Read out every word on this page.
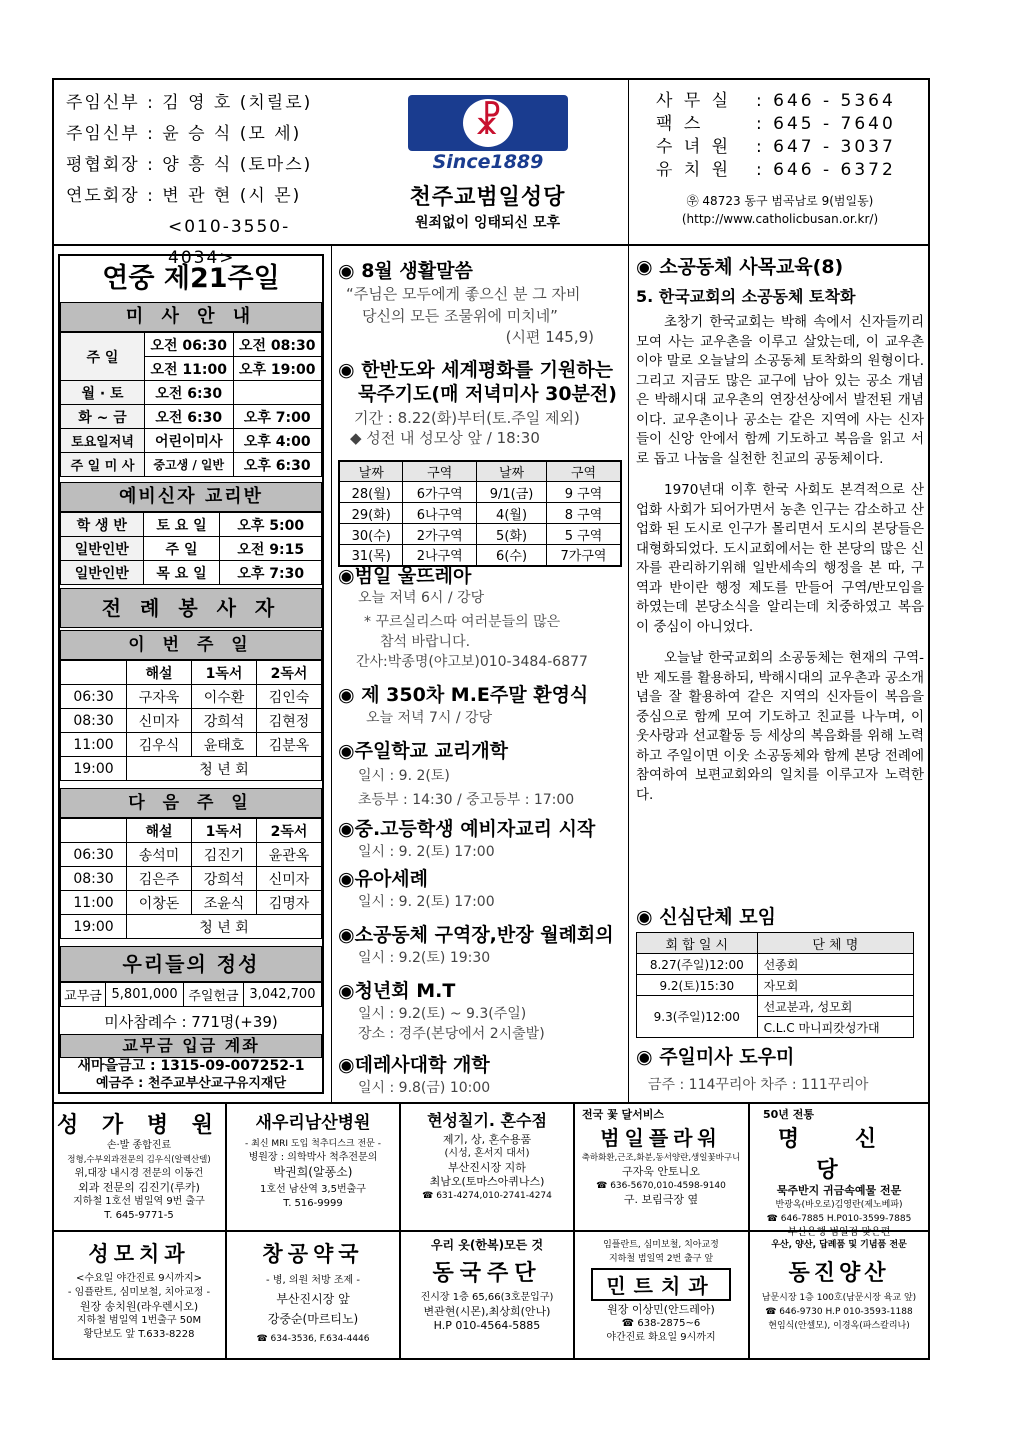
주임신부 : 김 영 호 (치릴로)
주임신부 : 윤 승 식 (모 세)
평협회장 : 양 흥 식 (토마스)
연도회장 : 변 관 현 (시 몬)
<010-3550-4034>
☧
Since1889
천주교범일성당
원죄없이 잉태되신 모후
사 무 실 : 646 - 5364
팩 스	: 645 - 7640
수 녀 원 : 647 - 3037
유 치 원 : 646 - 6372
㉾ 48723 동구 범곡남로 9(범일동)
(http://www.catholicbusan.or.kr/)
연중 제21주일
미 사 안 내
주 일	오전 06:30	오전 08:30
	오전 11:00	오후 19:00
월 · 토	오전 6:30	
화 ~ 금	오전 6:30	오후 7:00
토요일저녁	어린이미사	오후 4:00
주 일 미 사	중고생 / 일반	오후 6:30
예비신자 교리반
학 생 반	토 요 일	오후 5:00
일반인반	주 일	오전 9:15
일반인반	목 요 일	오후 7:30
전 례 봉 사 자
이 번 주 일
	해설	1독서	2독서
06:30	구자욱	이수환	김인숙
08:30	신미자	강희석	김현정
11:00	김우식	윤태호	김분옥
19:00	청 년 회		
다 음 주 일
	해설	1독서	2독서
06:30	송석미	김진기	윤관옥
08:30	김은주	강희석	신미자
11:00	이창돈	조윤식	김명자
19:00	청 년 회		
우리들의 정성
교무금	5,801,000	주일헌금	3,042,700
미사참례수 : 771명(+39)
교무금 입금 계좌
새마을금고 : 1315-09-007252-1
예금주 : 천주교부산교구유지재단
◉ 8월 생활말씀
“주님은 모두에게 좋으신 분 그 자비
당신의 모든 조물위에 미치네”
(시편 145,9)
◉ 한반도와 세계평화를 기원하는
묵주기도(매 저녁미사 30분전)
기간 : 8.22(화)부터(토.주일 제외)
◆ 성전 내 성모상 앞 / 18:30
날짜	구역	날짜	구역
28(월)	6가구역	9/1(금)	9 구역
29(화)	6나구역	4(월)	8 구역
30(수)	2가구역	5(화)	5 구역
31(목)	2나구역	6(수)	7가구역
◉범일 울뜨레아
오늘 저녁 6시 / 강당
* 꾸르실리스따 여러분들의 많은
참석 바랍니다.
간사:박종명(야고보)010-3484-6877
◉ 제 350차 M.E주말 환영식
오늘 저녁 7시 / 강당
◉주일학교 교리개학
일시 : 9. 2(토)
초등부 : 14:30 / 중고등부 : 17:00
◉중.고등학생 예비자교리 시작
일시 : 9. 2(토) 17:00
◉유아세례
일시 : 9. 2(토) 17:00
◉소공동체 구역장,반장 월례회의
일시 : 9.2(토) 19:30
◉청년회 M.T
일시 : 9.2(토) ~ 9.3(주일)
장소 : 경주(본당에서 2시출발)
◉데레사대학 개학
일시 : 9.8(금) 10:00
◉ 소공동체 사목교육(8)
5. 한국교회의 소공동체 토착화
초창기 한국교회는 박해 속에서 신자들끼리 모여 사는 교우촌을 이루고 살았는데, 이 교우촌이야 말로 오늘날의 소공동체 토착화의 원형이다. 그리고 지금도 많은 교구에 남아 있는 공소 개념은 박해시대 교우촌의 연장선상에서 발전된 개념이다. 교우촌이나 공소는 같은 지역에 사는 신자들이 신앙 안에서 함께 기도하고 복음을 읽고 서로 돕고 나눔을 실천한 친교의 공동체이다.
1970년대 이후 한국 사회도 본격적으로 산업화 사회가 되어가면서 농촌 인구는 감소하고 산업화 된 도시로 인구가 몰리면서 도시의 본당들은 대형화되었다. 도시교회에서는 한 본당의 많은 신자를 관리하기위해 일반세속의 행정을 본 따, 구역과 반이란 행정 제도를 만들어 구역/반모임을 하였는데 본당소식을 알리는데 치중하였고 복음이 중심이 아니었다.
오늘날 한국교회의 소공동체는 현재의 구역-반 제도를 활용하되, 박해시대의 교우촌과 공소개념을 잘 활용하여 같은 지역의 신자들이 복음을 중심으로 함께 모여 기도하고 친교를 나누며, 이웃사랑과 선교활동 등 세상의 복음화를 위해 노력하고 주일이면 이웃 소공동체와 함께 본당 전례에 참여하여 보편교회와의 일치를 이루고자 노력한다.
◉ 신심단체 모임
회 합 일 시	단 체 명
8.27(주일)12:00	선종회
9.2(토)15:30	자모회
9.3(주일)12:00	선교분과, 성모회
	C.L.C 마니피캇성가대
◉ 주일미사 도우미
금주 : 114꾸리아 차주 : 111꾸리아
성 가 병 원
손·발 종합진료
정형,수부외과전문의 김우식(알렉산델)
위,대장 내시경 전문의 이동건
외과 전문의 김진기(루카)
지하철 1호선 범일역 9번 출구
T. 645-9771-5
새우리남산병원
- 최신 MRI 도입 척추디스크 전문 -
병원장 : 의학박사 척추전문의
박권희(알퐁소)
1호선 남산역 3,5번출구
T. 516-9999
현성칠기. 혼수점
제기, 상, 혼수용품
(시성, 혼서지 대서)
부산진시장 지하
최남오(토마스아퀴나스)
☎ 631-4274,010-2741-4274
전국 꽃 달서비스
범일플라워
축하화환,근조,화분,동서양란,생일꽃바구니
구자욱 안토니오
☎ 636-5670,010-4598-9140
구. 보림극장 옆
50년 전통
명 신 당
묵주반지 귀금속예물 전문
반광옥(바오로)김영란(제노베파)
☎ 646-7885 H.P010-3599-7885
부산은행 범일점 맞은편
성모치과
<수요일 야간진료 9시까지>
- 임플란트, 심미보철, 치아교정 -
원장 송치원(라우렌시오)
지하철 범일역 1번출구 50M
황단보도 앞 T.633-8228
창공약국
- 병, 의원 처방 조제 -
부산진시장 앞
강중순(마르티노)
☎ 634-3536, F.634-4446
우리 옷(한복)모든 것
동국주단
진시장 1층 65,66(3호문입구)
변관현(시몬),최상희(안나)
H.P 010-4564-5885
임플란트, 심미보철, 치아교정
지하철 범일역 2번 출구 앞
민트치과
원장 이상민(안드레아)
☎ 638-2875~6
야간진료 화요일 9시까지
우산, 양산, 답례품 및 기념품 전문
동진양산
남문시장 1층 100호(남문시장 육교 앞)
☎ 646-9730 H.P 010-3593-1188
현임식(안셀모), 이경옥(파스칼리나)
